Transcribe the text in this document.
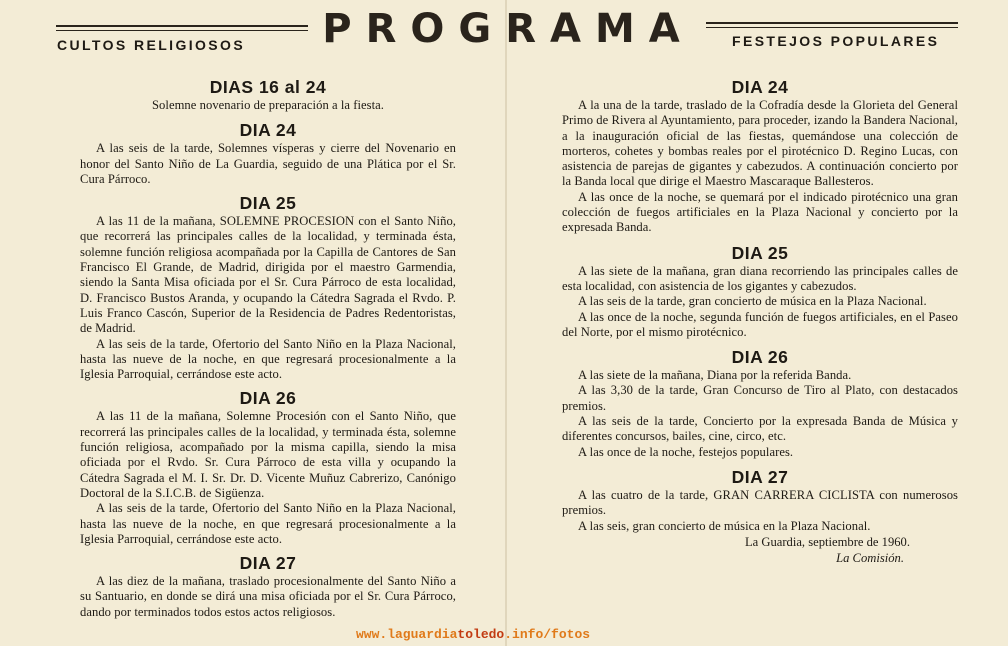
CULTOS RELIGIOSOS PROGRAMA	FESTEJOS POPULARES
DIAS 16 al 24

Solemne novenario de preparación a la fiesta.

DIA 24

A las seis de la tarde, Solemnes vísperas y cierre del Novenario en honor del Santo Niño de La Guardia, seguido de una Plática por el Sr. Cura Párroco.

DIA 25

A las 11 de la mañana, SOLEMNE PROCESION con el Santo Niño, que recorrerá las principales calles de la localidad, y terminada ésta, solemne función religiosa acompañada por la Capilla de Cantores de San Francisco El Grande, de Madrid, dirigida por el maestro Garmendia, siendo la Santa Misa oficiada por el Sr. Cura Párroco de esta localidad, D. Francisco Bustos Aranda, y ocupando la Cátedra Sagrada el Rvdo. P. Luis Franco Cascón, Superior de la Residencia de Padres Redentoristas, de Madrid.

A las seis de la tarde, Ofertorio del Santo Niño en la Plaza Nacional, hasta las nueve de la noche, en que regresará procesionalmente a la Iglesia Parroquial, cerrándose este acto.

DIA 26

A las 11 de la mañana, Solemne Procesión con el Santo Niño, que recorrerá las principales calles de la localidad, y terminada ésta, solemne función religiosa, acompañado por la misma capilla, siendo la misa oficiada por el Rvdo. Sr. Cura Párroco de esta villa y ocupando la Cátedra Sagrada el M. I. Sr. Dr. D. Vicente Muñuz Cabrerizo, Canónigo Doctoral de la S.I.C.B. de Sigüenza.

A las seis de la tarde, Ofertorio del Santo Niño en la Plaza Nacional, hasta las nueve de la noche, en que regresará procesionalmente a la Iglesia Parroquial, cerrándose este acto.

DIA 27

A las diez de la mañana, traslado procesionalmente del Santo Niño a su Santuario, en donde se dirá una misa oficiada por el Sr. Cura Párroco, dando por terminados todos estos actos religiosos.

DIA 24

A la una de la tarde, traslado de la Cofradía desde la Glorieta del General Primo de Rivera al Ayuntamiento, para proceder, izando la Bandera Nacional, a la inauguración oficial de las fiestas, quemándose una colección de morteros, cohetes y bombas reales por el pirotécnico D. Regino Lucas, con asistencia de parejas de gigantes y cabezudos. A continuación concierto por la Banda local que dirige el Maestro Mascaraque Ballesteros.

A las once de la noche, se quemará por el indicado pirotécnico una gran colección de fuegos artificiales en la Plaza Nacional y concierto por la expresada Banda.

DIA 25

A las siete de la mañana, gran diana recorriendo las principales calles de esta localidad, con asistencia de los gigantes y cabezudos.

A las seis de la tarde, gran concierto de música en la Plaza Nacional.

A las once de la noche, segunda función de fuegos artificiales, en el Paseo del Norte, por el mismo pirotécnico.

DIA 26

A las siete de la mañana, Diana por la referida Banda.

A las 3,30 de la tarde, Gran Concurso de Tiro al Plato, con destacados premios.

A las seis de la tarde, Concierto por la expresada Banda de Música y diferentes concursos, bailes, cine, circo, etc.

A las once de la noche, festejos populares.

DIA 27

A las cuatro de la tarde, GRAN CARRERA CICLISTA con numerosos premios.

A las seis, gran concierto de música en la Plaza Nacional.

La Guardia, septiembre de 1960.

La Comisión.

www.laguardiatoledo.info/fotos
